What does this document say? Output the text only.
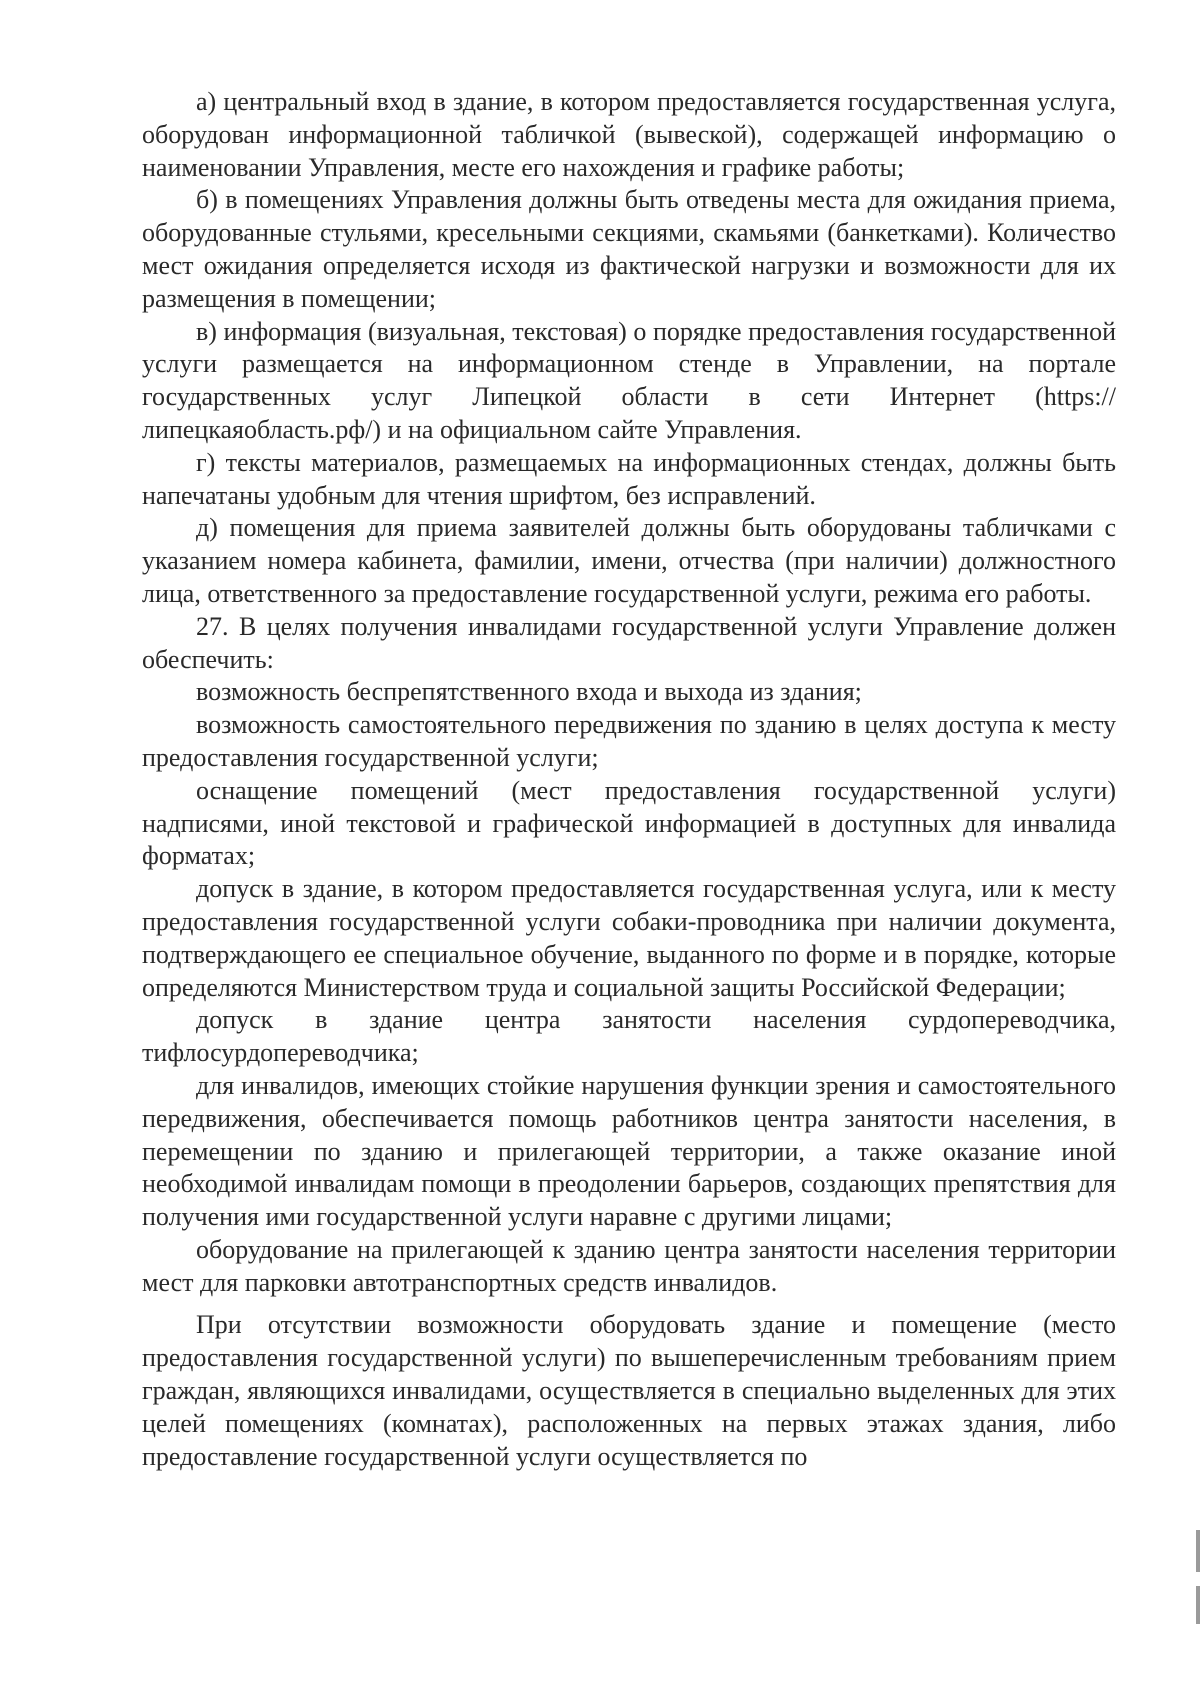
а) центральный вход в здание, в котором предоставляется государственная услуга, оборудован информационной табличкой (вывеской), содержащей информацию о наименовании Управления, месте его нахождения и графике работы;

б) в помещениях Управления должны быть отведены места для ожидания приема, оборудованные стульями, кресельными секциями, скамьями (банкетками). Количество мест ожидания определяется исходя из фактической нагрузки и возможности для их размещения в помещении;

в) информация (визуальная, текстовая) о порядке предоставления государственной услуги размещается на информационном стенде в Управлении, на портале государственных услуг Липецкой области в сети Интернет (https://липецкаяобласть.рф/) и на официальном сайте Управления.

г) тексты материалов, размещаемых на информационных стендах, должны быть напечатаны удобным для чтения шрифтом, без исправлений.

д) помещения для приема заявителей должны быть оборудованы табличками с указанием номера кабинета, фамилии, имени, отчества (при наличии) должностного лица, ответственного за предоставление государственной услуги, режима его работы.

27. В целях получения инвалидами государственной услуги Управление должен обеспечить:

возможность беспрепятственного входа и выхода из здания;

возможность самостоятельного передвижения по зданию в целях доступа к месту предоставления государственной услуги;

оснащение помещений (мест предоставления государственной услуги) надписями, иной текстовой и графической информацией в доступных для инвалида форматах;

допуск в здание, в котором предоставляется государственная услуга, или к месту предоставления государственной услуги собаки-проводника при наличии документа, подтверждающего ее специальное обучение, выданного по форме и в порядке, которые определяются Министерством труда и социальной защиты Российской Федерации;

допуск в здание центра занятости населения сурдопереводчика, тифлосурдопереводчика;

для инвалидов, имеющих стойкие нарушения функции зрения и самостоятельного передвижения, обеспечивается помощь работников центра занятости населения, в перемещении по зданию и прилегающей территории, а также оказание иной необходимой инвалидам помощи в преодолении барьеров, создающих препятствия для получения ими государственной услуги наравне с другими лицами;

оборудование на прилегающей к зданию центра занятости населения территории мест для парковки автотранспортных средств инвалидов.

При отсутствии возможности оборудовать здание и помещение (место предоставления государственной услуги) по вышеперечисленным требованиям прием граждан, являющихся инвалидами, осуществляется в специально выделенных для этих целей помещениях (комнатах), расположенных на первых этажах здания, либо предоставление государственной услуги осуществляется по
